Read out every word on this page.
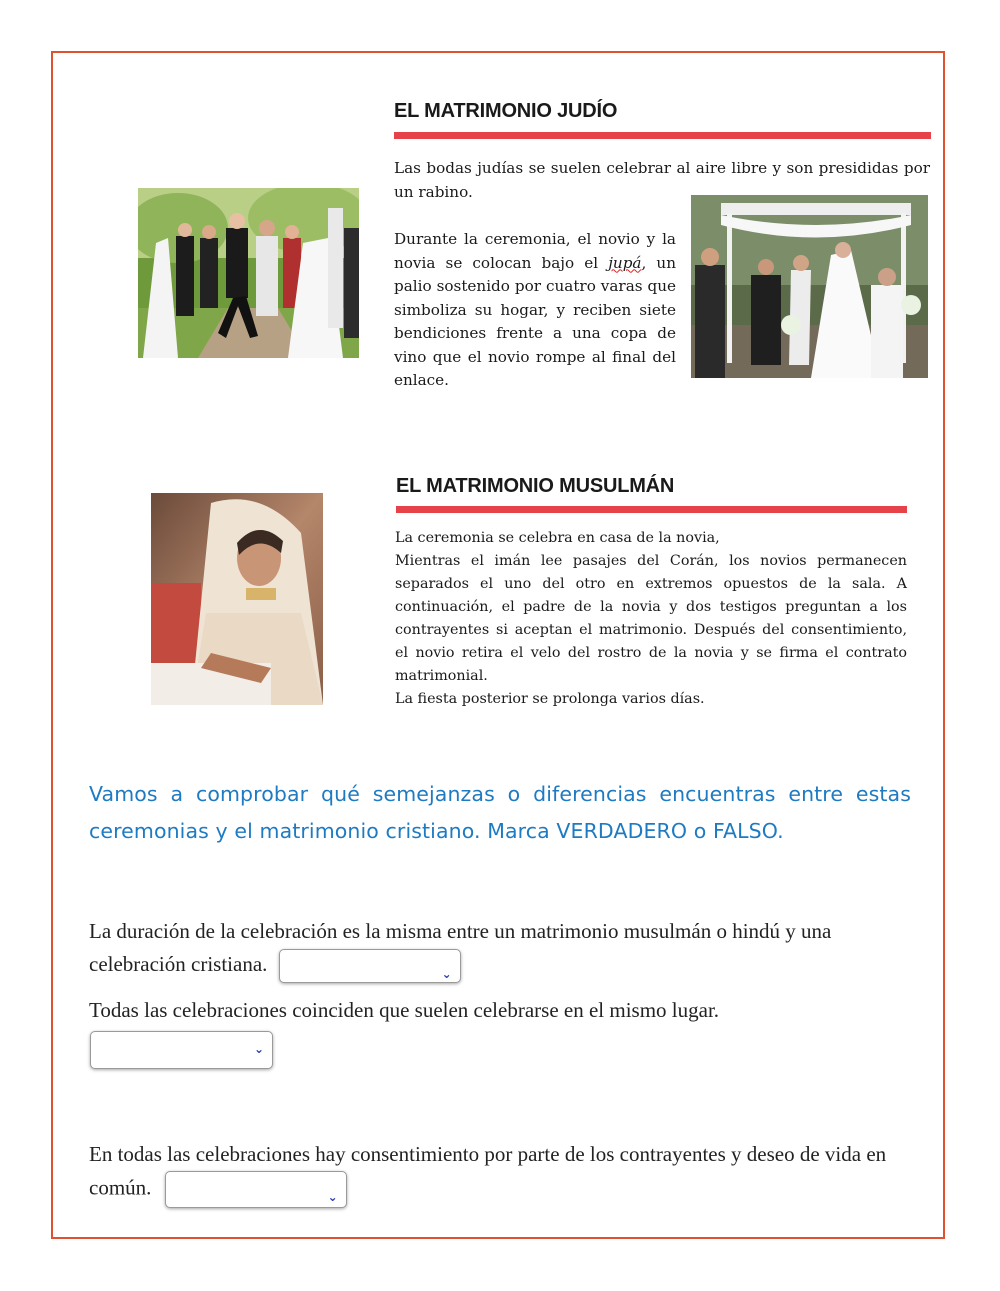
EL MATRIMONIO JUDÍO
Las bodas judías se suelen celebrar al aire libre y son presididas por un rabino.
Durante la ceremonia, el novio y la novia se colocan bajo el jupá, un palio sostenido por cuatro varas que simboliza su hogar, y reciben siete bendiciones frente a una copa de vino que el novio rompe al final del enlace.
EL MATRIMONIO MUSULMÁN

La ceremonia se celebra en casa de la novia,

Mientras el imán lee pasajes del Corán, los novios permanecen separados el uno del otro en extremos opuestos de la sala. A continuación, el padre de la novia y dos testigos preguntan a los contrayentes si aceptan el matrimonio. Después del consentimiento, el novio retira el velo del rostro de la novia y se firma el contrato matrimonial.

La fiesta posterior se prolonga varios días.

Vamos a comprobar qué semejanzas o diferencias encuentras entre estas ceremonias y el matrimonio cristiano. Marca VERDADERO o FALSO.
La duración de la celebración es la misma entre un matrimonio musulmán o hindú y una celebración cristiana.	⌄
Todas las celebraciones coinciden que suelen celebrarse en el mismo lugar.
⌄
En todas las celebraciones hay consentimiento por parte de los contrayentes y deseo de vida en común.	⌄
